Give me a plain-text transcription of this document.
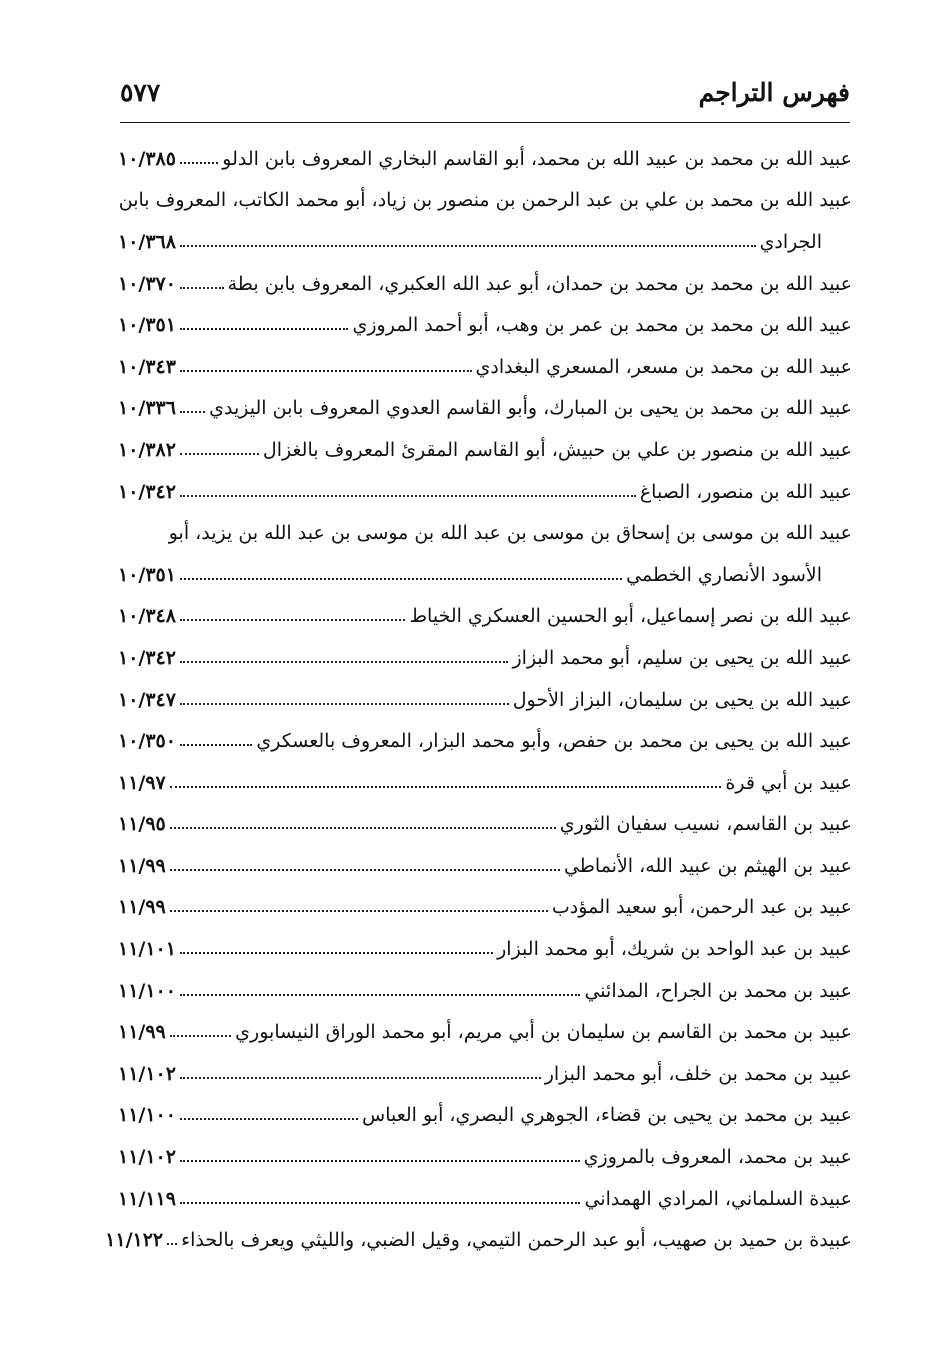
فهرس التراجم
٥٧٧
عبيد الله بن محمد بن عبيد الله بن محمد، أبو القاسم البخاري المعروف بابن الدلو
١٠/٣٨٥
عبيد الله بن محمد بن علي بن عبد الرحمن بن منصور بن زياد، أبو محمد الكاتب، المعروف بابن
الجرادي
١٠/٣٦٨
عبيد الله بن محمد بن محمد بن حمدان، أبو عبد الله العكبري، المعروف بابن بطة
١٠/٣٧٠
عبيد الله بن محمد بن محمد بن عمر بن وهب، أبو أحمد المروزي
١٠/٣٥١
عبيد الله بن محمد بن مسعر، المسعري البغدادي
١٠/٣٤٣
عبيد الله بن محمد بن يحيى بن المبارك، وأبو القاسم العدوي المعروف بابن اليزيدي
١٠/٣٣٦
عبيد الله بن منصور بن علي بن حبيش، أبو القاسم المقرئ المعروف بالغزال
١٠/٣٨٢
عبيد الله بن منصور، الصباغ
١٠/٣٤٢
عبيد الله بن موسى بن إسحاق بن موسى بن عبد الله بن موسى بن عبد الله بن يزيد، أبو
الأسود الأنصاري الخطمي
١٠/٣٥١
عبيد الله بن نصر إسماعيل، أبو الحسين العسكري الخياط
١٠/٣٤٨
عبيد الله بن يحيى بن سليم، أبو محمد البزاز
١٠/٣٤٢
عبيد الله بن يحيى بن سليمان، البزاز الأحول
١٠/٣٤٧
عبيد الله بن يحيى بن محمد بن حفص، وأبو محمد البزار، المعروف بالعسكري
١٠/٣٥٠
عبيد بن أبي قرة
١١/٩٧
عبيد بن القاسم، نسيب سفيان الثوري
١١/٩٥
عبيد بن الهيثم بن عبيد الله، الأنماطي
١١/٩٩
عبيد بن عبد الرحمن، أبو سعيد المؤدب
١١/٩٩
عبيد بن عبد الواحد بن شريك، أبو محمد البزار
١١/١٠١
عبيد بن محمد بن الجراح، المدائني
١١/١٠٠
عبيد بن محمد بن القاسم بن سليمان بن أبي مريم، أبو محمد الوراق النيسابوري
١١/٩٩
عبيد بن محمد بن خلف، أبو محمد البزار
١١/١٠٢
عبيد بن محمد بن يحيى بن قضاء، الجوهري البصري، أبو العباس
١١/١٠٠
عبيد بن محمد، المعروف بالمروزي
١١/١٠٢
عبيدة السلماني، المرادي الهمداني
١١/١١٩
عبيدة بن حميد بن صهيب، أبو عبد الرحمن التيمي، وقيل الضبي، والليثي ويعرف بالحذاء
١١/١٢٢
